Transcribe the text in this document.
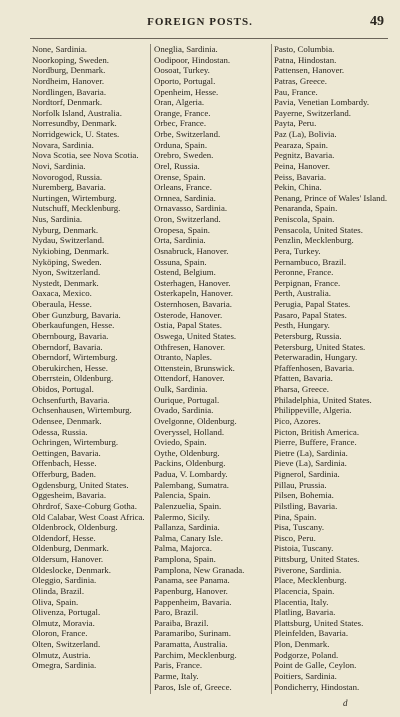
FOREIGN POSTS.	49
None, Sardinia.
Noorkoping, Sweden.
Nordburg, Denmark.
Nordheim, Hanover.
Nordlingen, Bavaria.
Nordtorf, Denmark.
Norfolk Island, Australia.
Norresundby, Denmark.
Norridgewick, U. States.
Novara, Sardinia.
Nova Scotia, see Nova Scotia.
Novi, Sardinia.
Novorogod, Russia.
Nuremberg, Bavaria.
Nurtingen, Wirtemburg.
Nutschuff, Mecklenburg.
Nus, Sardinia.
Nyburg, Denmark.
Nydau, Switzerland.
Nykiobing, Denmark.
Nyköping, Sweden.
Nyon, Switzerland.
Nystedt, Denmark.
Oaxaca, Mexico.
Oberaula, Hesse.
Ober Gunzburg, Bavaria.
Oberkaufungen, Hesse.
Obernbourg, Bavaria.
Oberndorf, Bavaria.
Oberndorf, Wirtemburg.
Oberukirchen, Hesse.
Oberrstein, Oldenburg.
Obidos, Portugal.
Ochsenfurth, Bavaria.
Ochsenhausen, Wirtemburg.
Odensee, Denmark.
Odessa, Russia.
Ochringen, Wirtemburg.
Oettingen, Bavaria.
Offenbach, Hesse.
Offerburg, Baden.
Ogdensburg, United States.
Oggesheim, Bavaria.
Ohrdrof, Saxe-Coburg Gotha.
Old Calabar, West Coast Africa.
Oldenbrock, Oldenburg.
Oldendorf, Hesse.
Oldenburg, Denmark.
Oldersum, Hanover.
Oldeslocke, Denmark.
Oleggio, Sardinia.
Olinda, Brazil.
Oliva, Spain.
Olivenza, Portugal.
Olmutz, Moravia.
Oloron, France.
Olten, Switzerland.
Olmutz, Austria.
Omegra, Sardinia.
Oneglia, Sardinia.
Oodipoor, Hindostan.
Oosoat, Turkey.
Oporto, Portugal.
Openheim, Hesse.
Oran, Algeria.
Orange, France.
Orbec, France.
Orbe, Switzerland.
Orduna, Spain.
Orebro, Sweden.
Orel, Russia.
Orense, Spain.
Orleans, France.
Ornnea, Sardinia.
Ornavasso, Sardinia.
Oron, Switzerland.
Oropesa, Spain.
Orta, Sardinia.
Osnabruck, Hanover.
Ossuna, Spain.
Ostend, Belgium.
Osterhagen, Hanover.
Osterkapeln, Hanover.
Osternhosen, Bavaria.
Osterode, Hanover.
Ostia, Papal States.
Oswega, United States.
Othfresen, Hanover.
Otranto, Naples.
Ottenstein, Brunswick.
Ottendorf, Hanover.
Oulk, Sardinia.
Ourique, Portugal.
Ovado, Sardinia.
Ovelgonne, Oldenburg.
Overyssel, Holland.
Oviedo, Spain.
Oythe, Oldenburg.
Packins, Oldenburg.
Padua, V. Lombardy.
Palembang, Sumatra.
Palencia, Spain.
Palenzuelia, Spain.
Palermo, Sicily.
Pallanza, Sardinia.
Palma, Canary Isle.
Palma, Majorca.
Pamplona, Spain.
Pamplona, New Granada.
Panama, see Panama.
Papenburg, Hanover.
Pappenheim, Bavaria.
Paro, Brazil.
Paraiba, Brazil.
Paramaribo, Surinam.
Paramatta, Australia.
Parchim, Mecklenburg.
Paris, France.
Parme, Italy.
Paros, Isle of, Greece.
Pasto, Columbia.
Patna, Hindostan.
Pattensen, Hanover.
Patras, Greece.
Pau, France.
Pavia, Venetian Lombardy.
Payerne, Switzerland.
Payta, Peru.
Paz (La), Bolivia.
Pearaza, Spain.
Pegnitz, Bavaria.
Peina, Hanover.
Peiss, Bavaria.
Pekin, China.
Penang, Prince of Wales' Island.
Penaranda, Spain.
Peniscola, Spain.
Pensacola, United States.
Penzlin, Mecklenburg.
Pera, Turkey.
Pernambuco, Brazil.
Peronne, France.
Perpignan, France.
Perth, Australia.
Perugia, Papal States.
Pasaro, Papal States.
Pesth, Hungary.
Petersburg, Russia.
Petersburg, United States.
Peterwaradin, Hungary.
Pfaffenhosen, Bavaria.
Pfatten, Bavaria.
Pharsa, Greece.
Philadelphia, United States.
Philippeville, Algeria.
Pico, Azores.
Picton, British America.
Pierre, Buffere, France.
Pietre (La), Sardinia.
Pieve (La), Sardinia.
Pignerol, Sardinia.
Pillau, Prussia.
Pilsen, Bohemia.
Pilstling, Bavaria.
Pina, Spain.
Pisa, Tuscany.
Pisco, Peru.
Pistoia, Tuscany.
Pittsburg, United States.
Piverone, Sardinia.
Place, Mecklenburg.
Placencia, Spain.
Placentia, Italy.
Platling, Bavaria.
Plattsburg, United States.
Pleinfelden, Bavaria.
Plon, Denmark.
Podgorze, Poland.
Point de Galle, Ceylon.
Poitiers, Sardinia.
Pondicherry, Hindostan.
d
